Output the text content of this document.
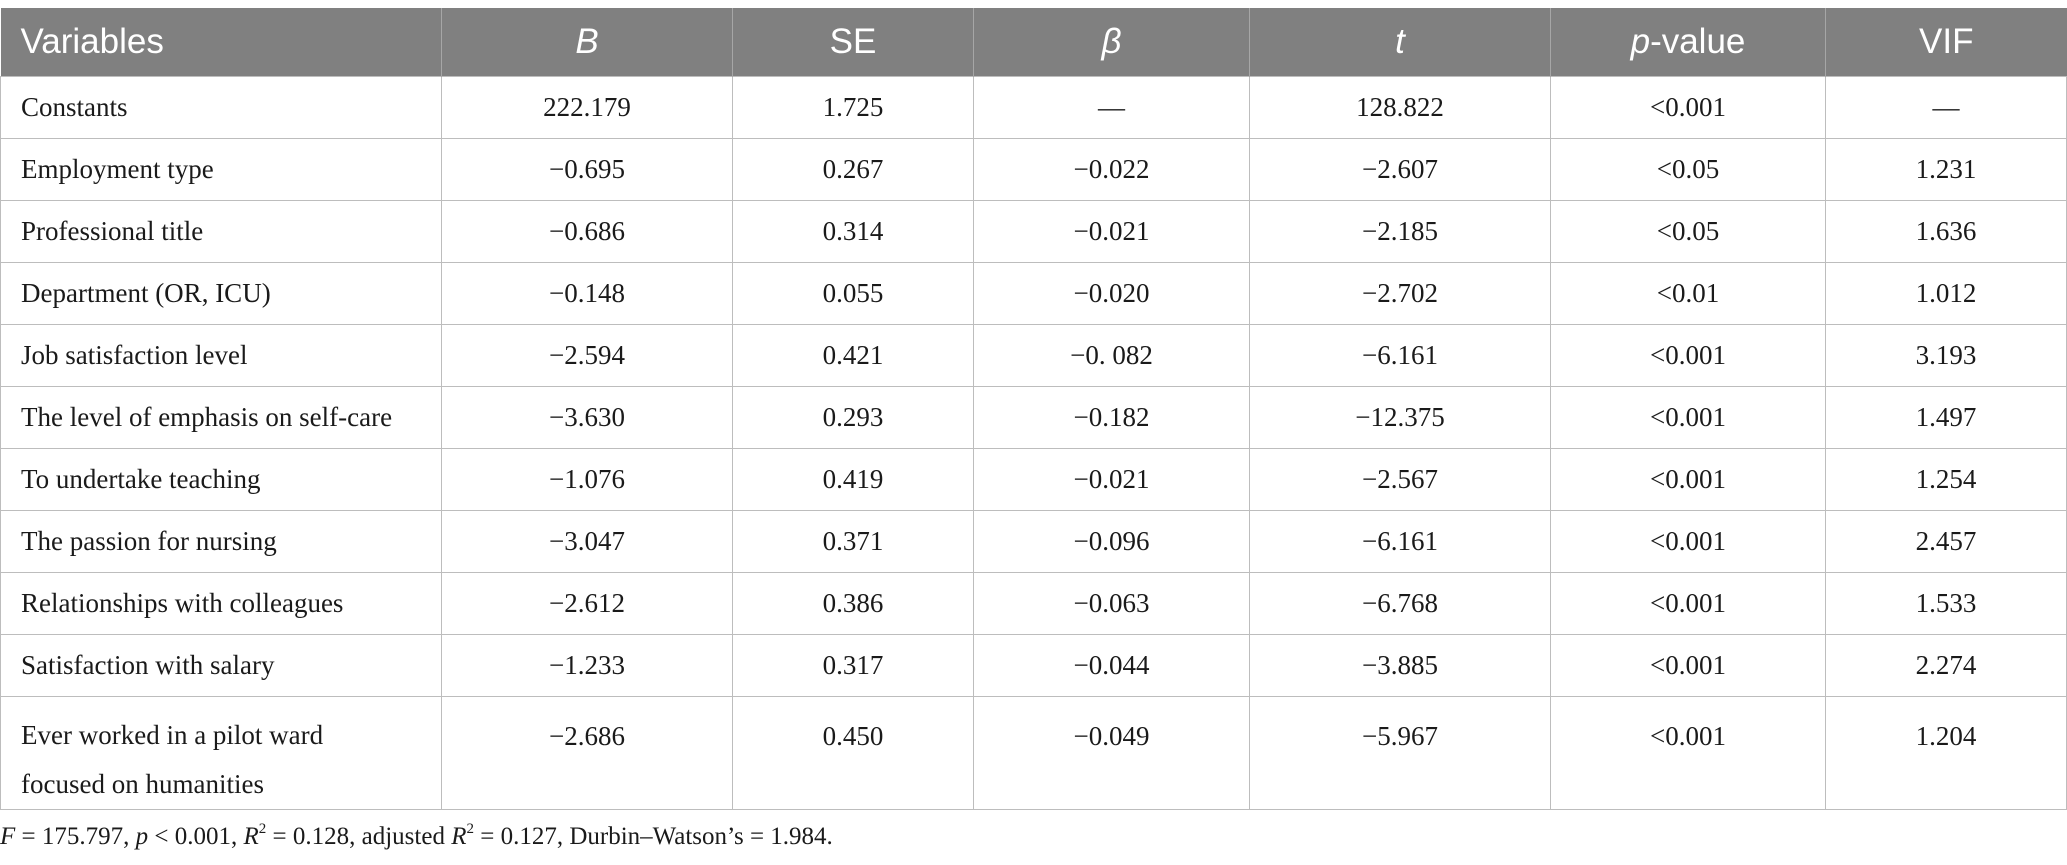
Variables	B	SE	β	t	p-value	VIF
Constants	222.179	1.725	—	128.822	<0.001	—
Employment type	−0.695	0.267	−0.022	−2.607	<0.05	1.231
Professional title	−0.686	0.314	−0.021	−2.185	<0.05	1.636
Department (OR, ICU)	−0.148	0.055	−0.020	−2.702	<0.01	1.012
Job satisfaction level	−2.594	0.421	−0. 082	−6.161	<0.001	3.193
The level of emphasis on self-care	−3.630	0.293	−0.182	−12.375	<0.001	1.497
To undertake teaching	−1.076	0.419	−0.021	−2.567	<0.001	1.254
The passion for nursing	−3.047	0.371	−0.096	−6.161	<0.001	2.457
Relationships with colleagues	−2.612	0.386	−0.063	−6.768	<0.001	1.533
Satisfaction with salary	−1.233	0.317	−0.044	−3.885	<0.001	2.274

Ever worked in a pilot ward
focused on humanities	−2.686	0.450	−0.049	−5.967	<0.001	1.204
F = 175.797, p < 0.001, $R^2 = 0.128$, adjusted $R^2 = 0.127$, Durbin–Watson’s = 1.984.
